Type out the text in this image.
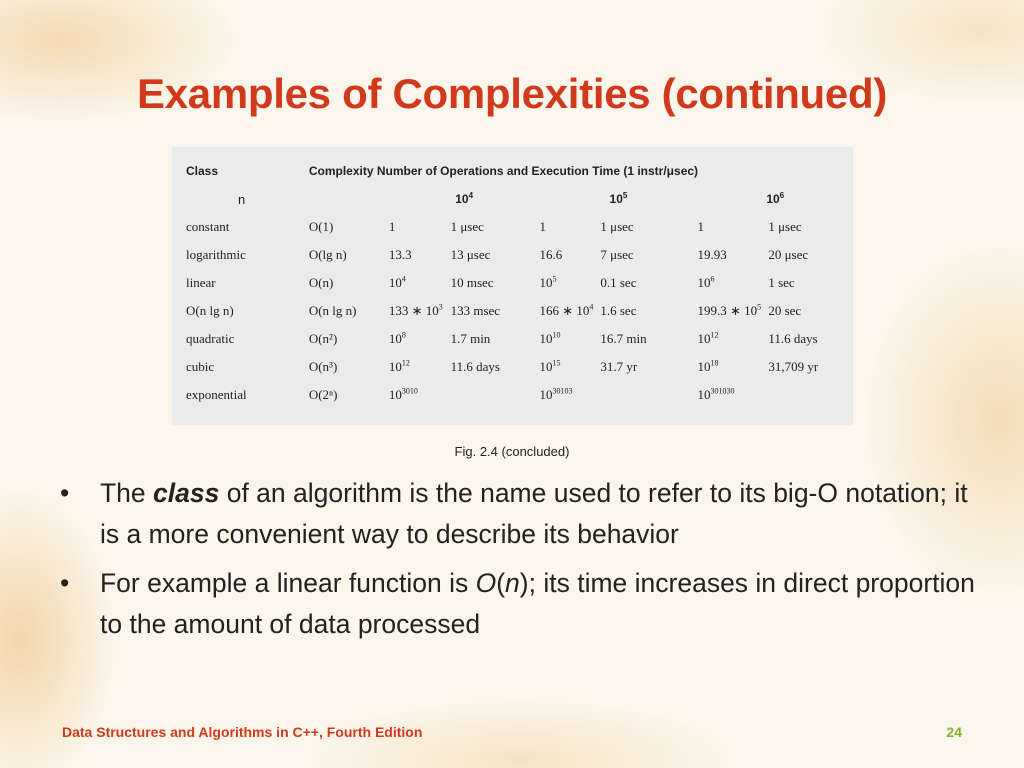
Examples of Complexities (continued)
Class	Complexity Number of Operations and Execution Time (1 instr/μsec)						
n		$10^4$		$10^5$		$10^6$
constant	O(1)	1	1 μsec	1	1 μsec	1	1 μsec
logarithmic	O(lg n)	13.3	13 μsec	16.6	7 μsec	19.93	20 μsec
linear	O(n)	$10^4$	10 msec	$10^5$	0.1 sec	$10^6$	1 sec
O(n lg n)	O(n lg n)	133 ∗ $10^3$	133 msec	166 ∗ $10^4$	1.6 sec	199.3 ∗ $10^5$	20 sec
quadratic	O(n²)	$10^8$	1.7 min	$10^{10}$	16.7 min	$10^{12}$	11.6 days
cubic	O(n³)	$10^{12}$	11.6 days	$10^{15}$	31.7 yr	$10^{18}$	31,709 yr
exponential	O(2ⁿ)	$10^{3010}$		$10^{30103}$		$10^{301030}$	
Fig. 2.4 (concluded)
• The class of an algorithm is the name used to refer to its big-O notation; it is a more convenient way to describe its behavior
• For example a linear function is O(n); its time increases in direct proportion to the amount of data processed
Data Structures and Algorithms in C++, Fourth Edition	24
